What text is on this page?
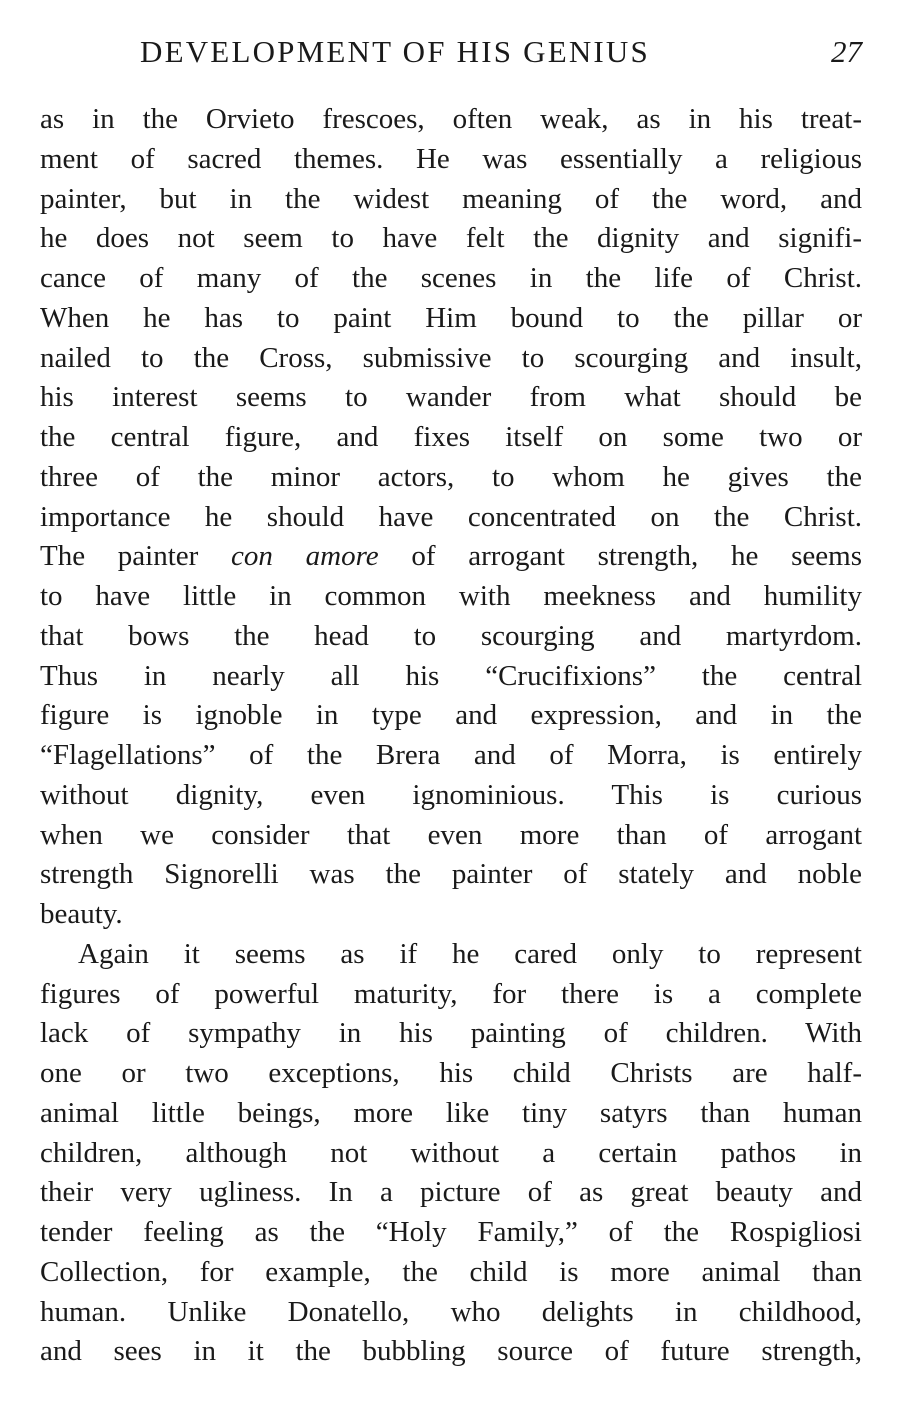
DEVELOPMENT OF HIS GENIUS	27
as in the Orvieto frescoes, often weak, as in his treat-
ment of sacred themes. He was essentially a religious
painter, but in the widest meaning of the word, and
he does not seem to have felt the dignity and signifi-
cance of many of the scenes in the life of Christ.
When he has to paint Him bound to the pillar or
nailed to the Cross, submissive to scourging and insult,
his interest seems to wander from what should be
the central figure, and fixes itself on some two or
three of the minor actors, to whom he gives the
importance he should have concentrated on the Christ.
The painter con amore of arrogant strength, he seems
to have little in common with meekness and humility
that bows the head to scourging and martyrdom.
Thus in nearly all his “Crucifixions” the central
figure is ignoble in type and expression, and in the
“Flagellations” of the Brera and of Morra, is entirely
without dignity, even ignominious. This is curious
when we consider that even more than of arrogant
strength Signorelli was the painter of stately and noble
beauty.
Again it seems as if he cared only to represent
figures of powerful maturity, for there is a complete
lack of sympathy in his painting of children. With
one or two exceptions, his child Christs are half-
animal little beings, more like tiny satyrs than human
children, although not without a certain pathos in
their very ugliness. In a picture of as great beauty and
tender feeling as the “Holy Family,” of the Rospigliosi
Collection, for example, the child is more animal than
human. Unlike Donatello, who delights in childhood,
and sees in it the bubbling source of future strength,
